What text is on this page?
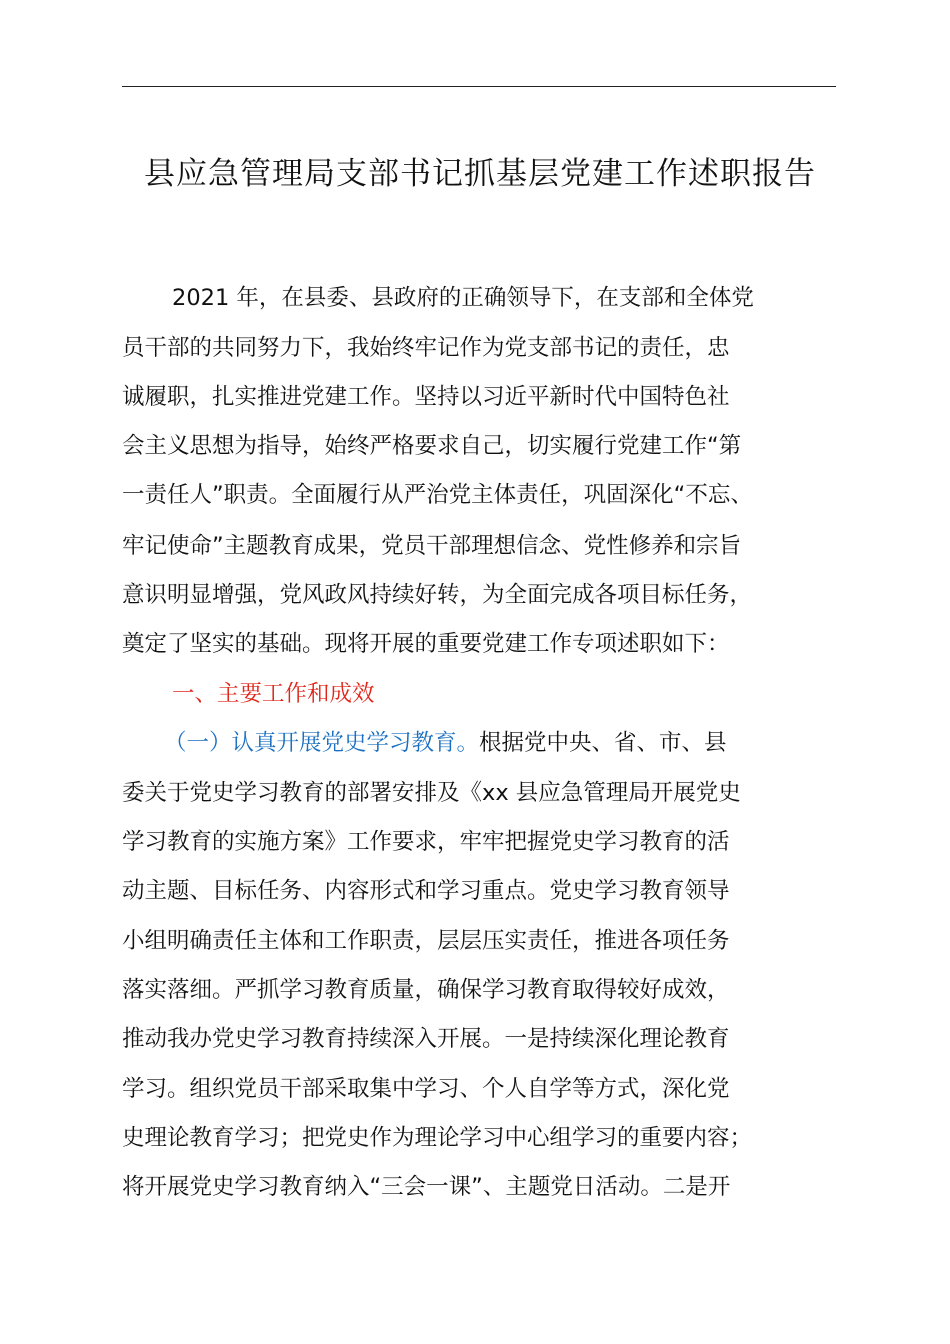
县应急管理局支部书记抓基层党建工作述职报告

2021 年，在县委、县政府的正确领导下，在支部和全体党

员干部的共同努力下，我始终牢记作为党支部书记的责任，忠

诚履职，扎实推进党建工作。坚持以习近平新时代中国特色社

会主义思想为指导，始终严格要求自己，切实履行党建工作“第

一责任人”职责。全面履行从严治党主体责任，巩固深化“不忘、

牢记使命”主题教育成果，党员干部理想信念、党性修养和宗旨

意识明显增强，党风政风持续好转，为全面完成各项目标任务，

奠定了坚实的基础。现将开展的重要党建工作专项述职如下：

一、主要工作和成效

（一）认真开展党史学习教育。根据党中央、省、市、县

委关于党史学习教育的部署安排及《xx 县应急管理局开展党史

学习教育的实施方案》工作要求，牢牢把握党史学习教育的活

动主题、目标任务、内容形式和学习重点。党史学习教育领导

小组明确责任主体和工作职责，层层压实责任，推进各项任务

落实落细。严抓学习教育质量，确保学习教育取得较好成效，

推动我办党史学习教育持续深入开展。一是持续深化理论教育

学习。组织党员干部采取集中学习、个人自学等方式，深化党

史理论教育学习；把党史作为理论学习中心组学习的重要内容；

将开展党史学习教育纳入“三会一课”、主题党日活动。二是开
